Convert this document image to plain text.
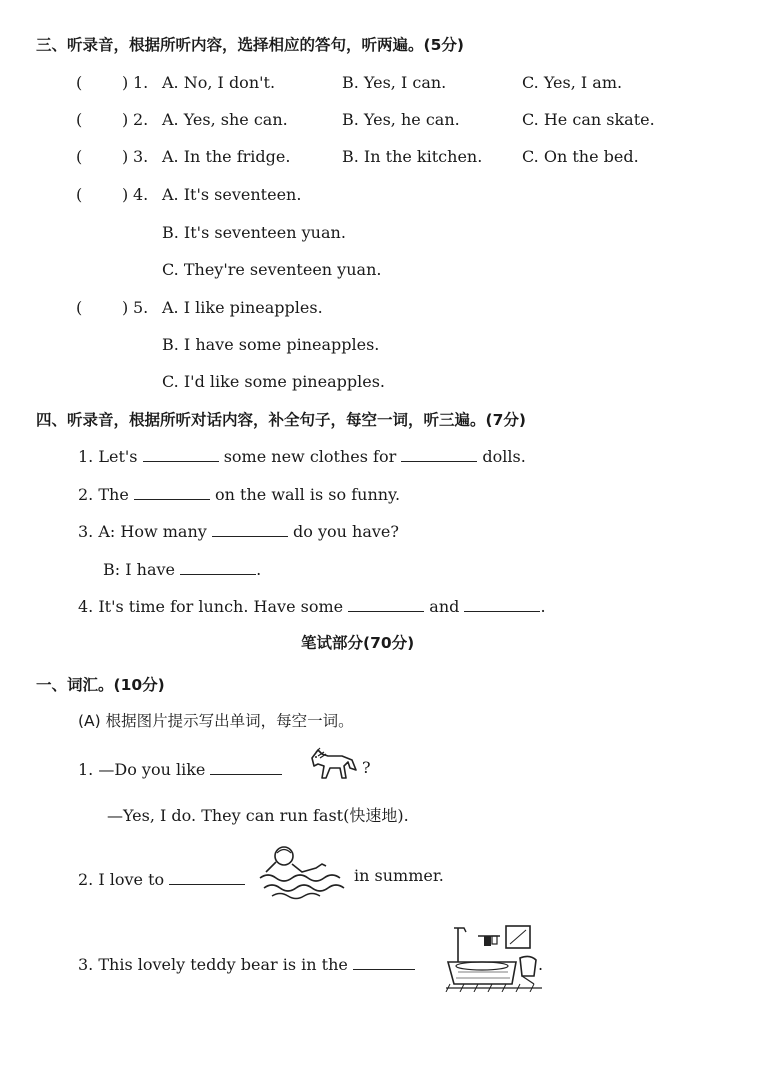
三、听录音，根据所听内容，选择相应的答句，听两遍。(5分)
( ) 1. A. No, I don't.	B. Yes, I can.	C. Yes, I am.
( ) 2. A. Yes, she can.	B. Yes, he can.	C. He can skate.
( ) 3. A. In the fridge.	B. In the kitchen. C. On the bed.
( ) 4. A. It's seventeen.
B. It's seventeen yuan.
C. They're seventeen yuan.
( ) 5. A. I like pineapples.
B. I have some pineapples.
C. I'd like some pineapples.
四、听录音，根据所听对话内容，补全句子，每空一词，听三遍。(7分)
1. Let's	some new clothes for	dolls.
2. The	on the wall is so funny.
3. A: How many	do you have?
B: I have	.
4. It's time for lunch. Have some	and	.
笔试部分(70分)
一、词汇。(10分)
(A) 根据图片提示写出单词，每空一词。
1. —Do you like	?
—Yes, I do. They can run fast(快速地).
2. I love to	in summer.
3. This lovely teddy bear is in the	.
